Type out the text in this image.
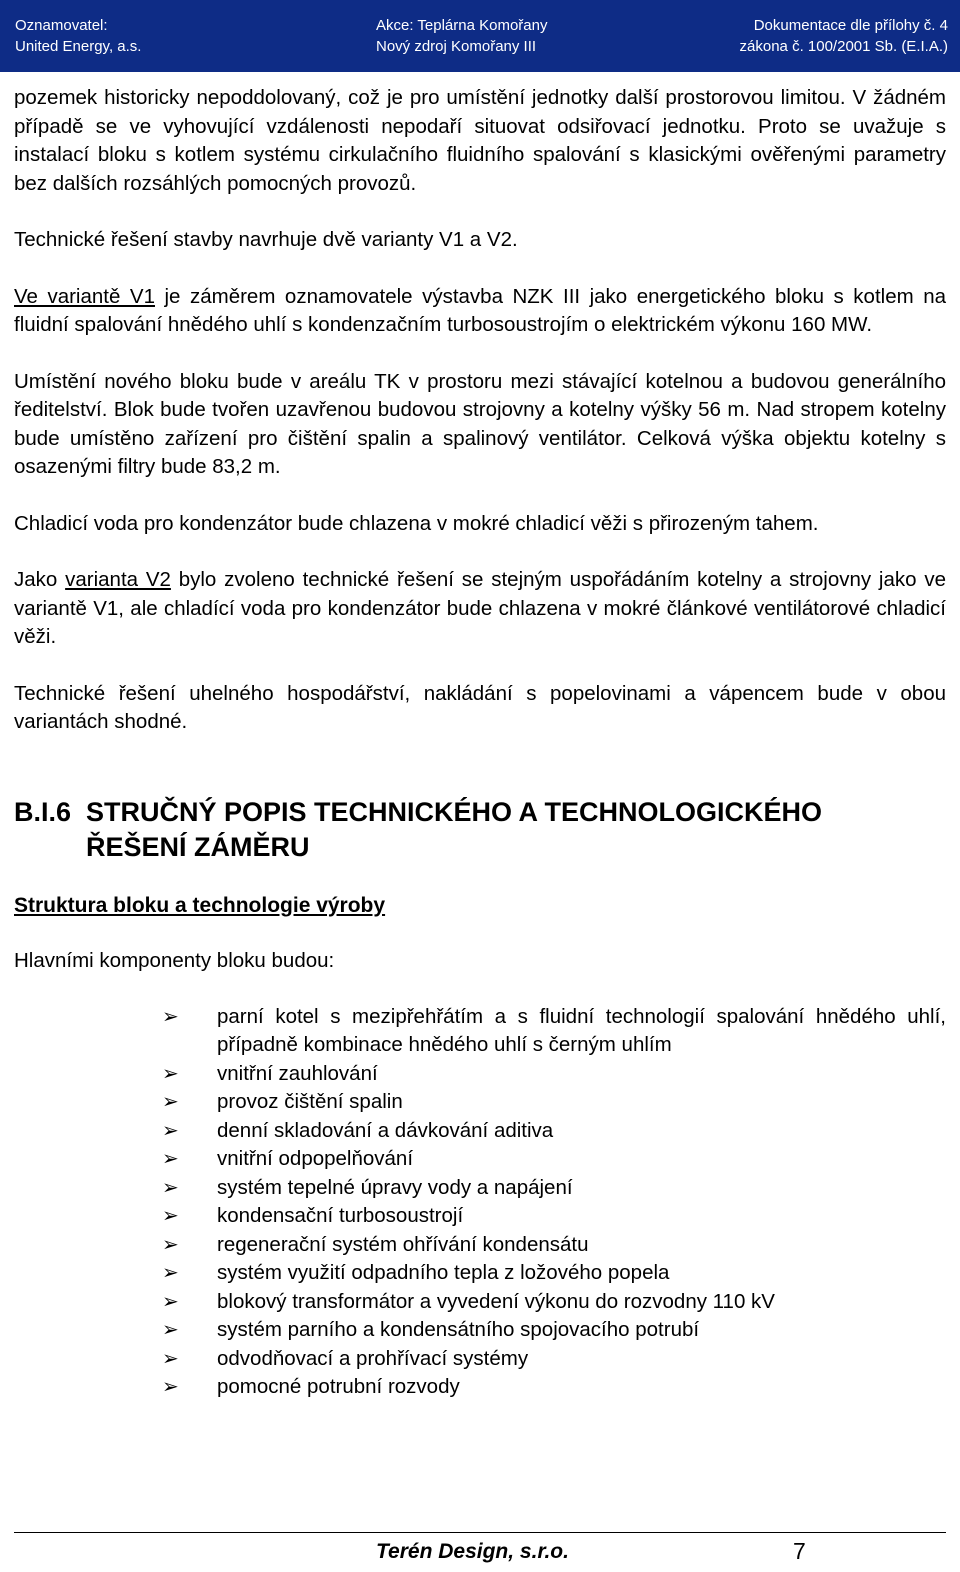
Oznamovatel:
United Energy, a.s.
Akce: Teplárna Komořany
Nový zdroj Komořany III
Dokumentace dle přílohy č. 4
zákona č. 100/2001 Sb. (E.I.A.)

pozemek historicky nepoddolovaný, což je pro umístění jednotky další prostorovou limitou. V žádném případě se ve vyhovující vzdálenosti nepodaří situovat odsiřovací jednotku. Proto se uvažuje s instalací bloku s kotlem systému cirkulačního fluidního spalování s klasickými ověřenými parametry bez dalších rozsáhlých pomocných provozů.

Technické řešení stavby navrhuje dvě varianty V1 a V2.

Ve variantě V1 je záměrem oznamovatele výstavba NZK III jako energetického bloku s kotlem na fluidní spalování hnědého uhlí s kondenzačním turbosoustrojím o elektrickém výkonu 160 MW.

Umístění nového bloku bude v areálu TK v prostoru mezi stávající kotelnou a budovou generálního ředitelství. Blok bude tvořen uzavřenou budovou strojovny a kotelny výšky 56 m. Nad stropem kotelny bude umístěno zařízení pro čištění spalin a spalinový ventilátor. Celková výška objektu kotelny s osazenými filtry bude 83,2 m.

Chladicí voda pro kondenzátor bude chlazena v mokré chladicí věži s přirozeným tahem.

Jako varianta V2 bylo zvoleno technické řešení se stejným uspořádáním kotelny a strojovny jako ve variantě V1, ale chladící voda pro kondenzátor bude chlazena v mokré článkové ventilátorové chladicí věži.

Technické řešení uhelného hospodářství, nakládání s popelovinami a vápencem bude v obou variantách shodné.

B.I.6 STRUČNÝ POPIS TECHNICKÉHO A TECHNOLOGICKÉHO
ŘEŠENÍ ZÁMĚRU

Struktura bloku a technologie výroby

Hlavními komponenty bloku budou:

➢ parní kotel s mezipřehřátím a s fluidní technologií spalování hnědého uhlí, případně kombinace hnědého uhlí s černým uhlím
➢ vnitřní zauhlování
➢ provoz čištění spalin
➢ denní skladování a dávkování aditiva
➢ vnitřní odpopelňování
➢ systém tepelné úpravy vody a napájení
➢ kondensační turbosoustrojí
➢ regenerační systém ohřívání kondensátu
➢ systém využití odpadního tepla z ložového popela
➢ blokový transformátor a vyvedení výkonu do rozvodny 110 kV
➢ systém parního a kondensátního spojovacího potrubí
➢ odvodňovací a prohřívací systémy
➢ pomocné potrubní rozvody
Terén Design, s.r.o.	7
